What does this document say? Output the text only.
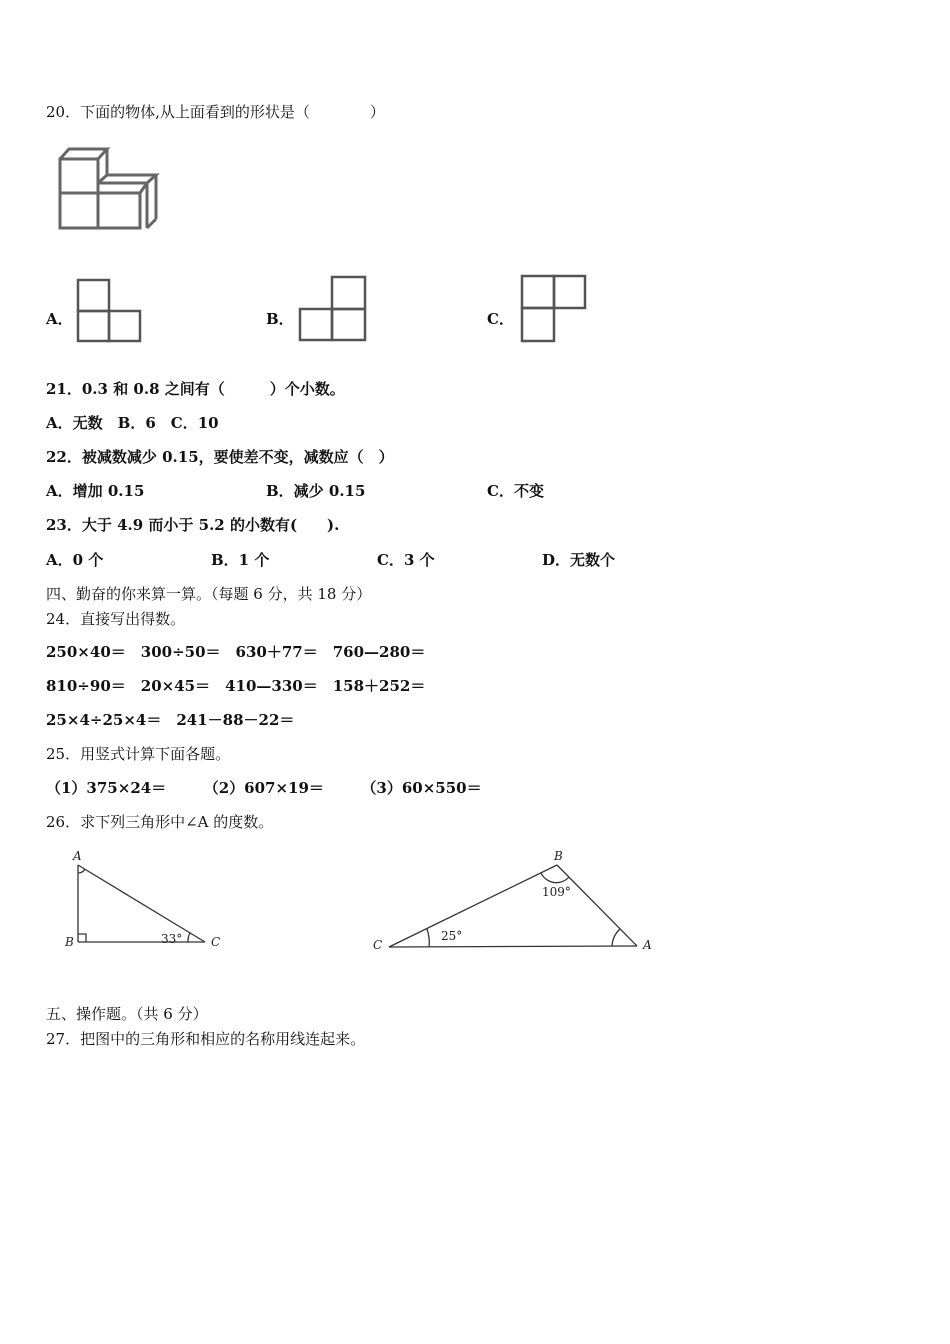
20．下面的物体,从上面看到的形状是（　　　　）
A．	B．	C．
21．0.3 和 0.8 之间有（　　　）个小数。
A．无数　B．6　C．10
22．被减数减少 0.15，要使差不变，减数应（　）
A．增加 0.15	B．减少 0.15	C．不变
23．大于 4.9 而小于 5.2 的小数有(　　).
A．0 个	B．1 个	C．3 个	D．无数个
四、勤奋的你来算一算。（每题 6 分，共 18 分）
24．直接写出得数。
250×40＝　300÷50＝　630＋77＝　760—280＝
810÷90＝　20×45＝　410—330＝　158＋252＝
25×4÷25×4＝　241－88－22＝
25．用竖式计算下面各题。
（1）375×24＝　　　（2）607×19＝　　　（3）60×550＝
26．求下列三角形中∠A 的度数。
A
B	C
33°
B
C	A
109°
25°
五、操作题。（共 6 分）
27．把图中的三角形和相应的名称用线连起来。
